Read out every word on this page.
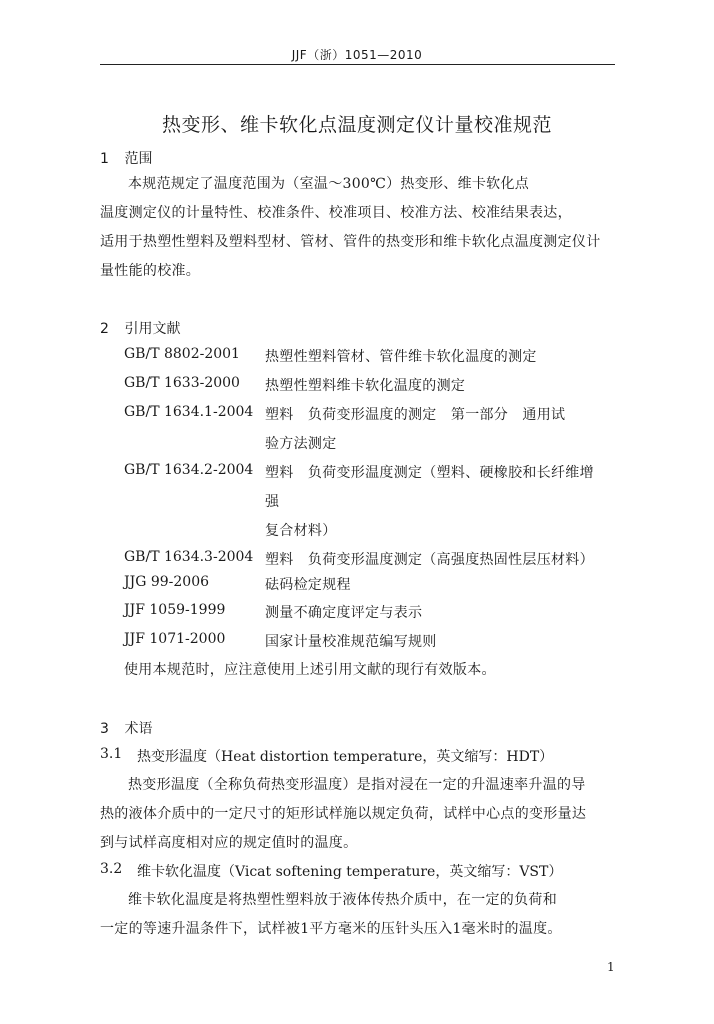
JJF（浙）1051—2010
热变形、维卡软化点温度测定仪计量校准规范
1 范围
本规范规定了温度范围为（室温～300℃）热变形、维卡软化点
温度测定仪的计量特性、校准条件、校准项目、校准方法、校准结果表达，
适用于热塑性塑料及塑料型材、管材、管件的热变形和维卡软化点温度测定仪计
量性能的校准。
2 引用文献
GB/T 8802-2001 热塑性塑料管材、管件维卡软化温度的测定
GB/T 1633-2000 热塑性塑料维卡软化温度的测定
GB/T 1634.1-2004 塑料　负荷变形温度的测定　第一部分　通用试
验方法测定
GB/T 1634.2-2004 塑料　负荷变形温度测定（塑料、硬橡胶和长纤维增
强
复合材料）
GB/T 1634.3-2004 塑料　负荷变形温度测定（高强度热固性层压材料）
JJG 99-2006	砝码检定规程
JJF 1059-1999	测量不确定度评定与表示
JJF 1071-2000	国家计量校准规范编写规则
使用本规范时，应注意使用上述引用文献的现行有效版本。
3 术语
3.1 热变形温度（Heat distortion temperature，英文缩写：HDT）
热变形温度（全称负荷热变形温度）是指对浸在一定的升温速率升温的导
热的液体介质中的一定尺寸的矩形试样施以规定负荷，试样中心点的变形量达
到与试样高度相对应的规定值时的温度。
3.2 维卡软化温度（Vicat softening temperature，英文缩写：VST）
维卡软化温度是将热塑性塑料放于液体传热介质中，在一定的负荷和
一定的等速升温条件下，试样被1平方毫米的压针头压入1毫米时的温度。
1
